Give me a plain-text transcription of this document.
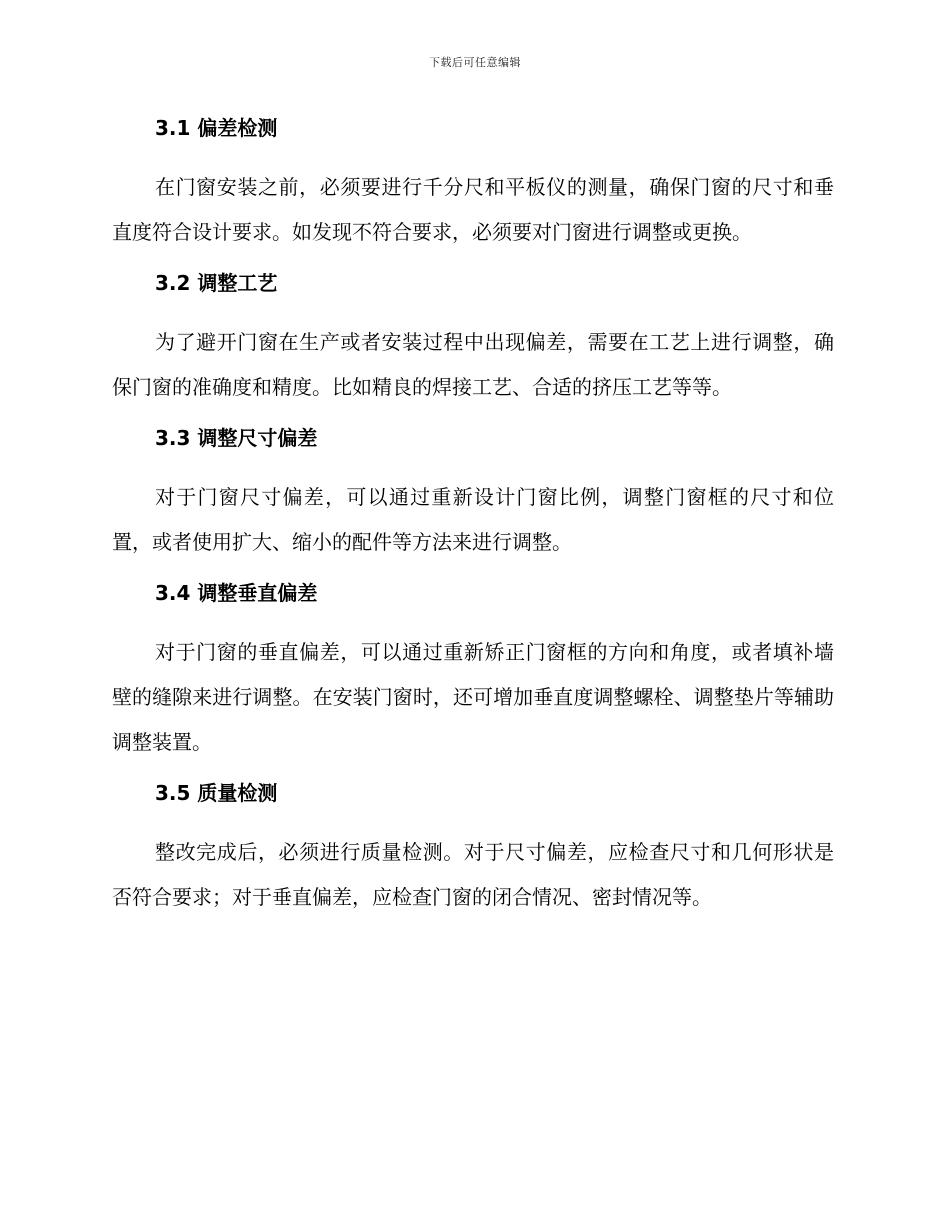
下载后可任意编辑
3.1 偏差检测

在门窗安装之前，必须要进行千分尺和平板仪的测量，确保门窗的尺寸和垂直度符合设计要求。如发现不符合要求，必须要对门窗进行调整或更换。

3.2 调整工艺

为了避开门窗在生产或者安装过程中出现偏差，需要在工艺上进行调整，确保门窗的准确度和精度。比如精良的焊接工艺、合适的挤压工艺等等。

3.3 调整尺寸偏差

对于门窗尺寸偏差，可以通过重新设计门窗比例，调整门窗框的尺寸和位置，或者使用扩大、缩小的配件等方法来进行调整。

3.4 调整垂直偏差

对于门窗的垂直偏差，可以通过重新矫正门窗框的方向和角度，或者填补墙壁的缝隙来进行调整。在安装门窗时，还可增加垂直度调整螺栓、调整垫片等辅助调整装置。

3.5 质量检测

整改完成后，必须进行质量检测。对于尺寸偏差，应检查尺寸和几何形状是否符合要求；对于垂直偏差，应检查门窗的闭合情况、密封情况等。
